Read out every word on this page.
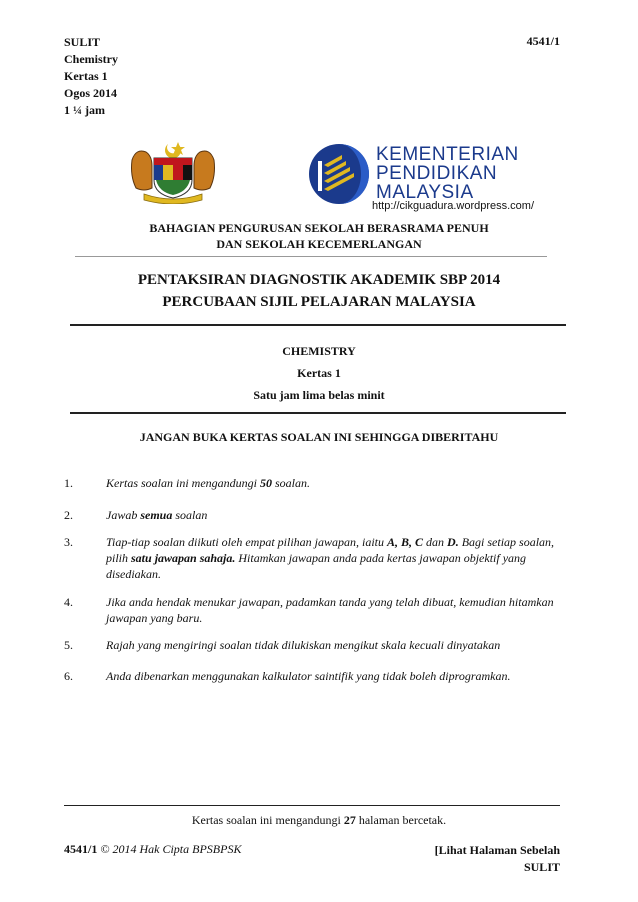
SULIT
Chemistry
Kertas 1
Ogos 2014
1 ¼ jam
4541/1
KEMENTERIAN
PENDIDIKAN
MALAYSIA
http://cikguadura.wordpress.com/
BAHAGIAN PENGURUSAN SEKOLAH BERASRAMA PENUH
DAN SEKOLAH KECEMERLANGAN
PENTAKSIRAN DIAGNOSTIK AKADEMIK SBP 2014
PERCUBAAN SIJIL PELAJARAN MALAYSIA
CHEMISTRY
Kertas 1
Satu jam lima belas minit
JANGAN BUKA KERTAS SOALAN INI SEHINGGA DIBERITAHU
1.	Kertas soalan ini mengandungi 50 soalan.
2.	Jawab semua soalan
3.	Tiap-tiap soalan diikuti oleh empat pilihan jawapan, iaitu A, B, C dan D. Bagi setiap soalan, pilih satu jawapan sahaja. Hitamkan jawapan anda pada kertas jawapan objektif yang disediakan.
4.	Jika anda hendak menukar jawapan, padamkan tanda yang telah dibuat, kemudian hitamkan jawapan yang baru.
5.	Rajah yang mengiringi soalan tidak dilukiskan mengikut skala kecuali dinyatakan
6.	Anda dibenarkan menggunakan kalkulator saintifik yang tidak boleh diprogramkan.
Kertas soalan ini mengandungi 27 halaman bercetak.
4541/1 © 2014 Hak Cipta BPSBPSK	[Lihat Halaman Sebelah
SULIT
